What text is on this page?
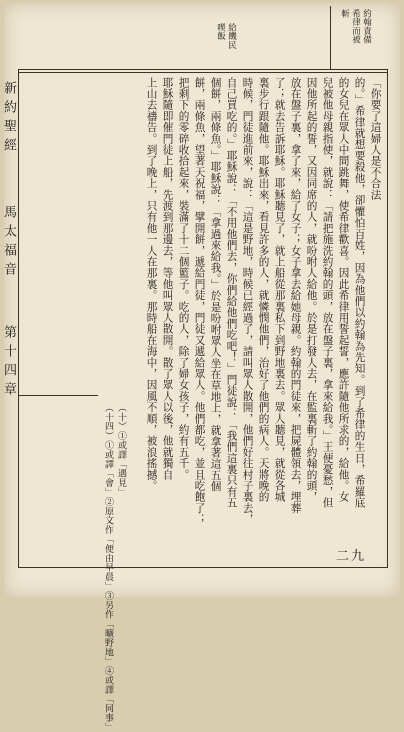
約翰責備
希律而被
斬
給饑民
喫飯
「你要了這婦人是不合法
的。」希律就想要殺他，卻懼怕百姓，因為他們以約翰為先知。到了希律的生日，希羅底
的女兒在眾人中間跳舞，使希律歡喜。因此希律用誓起誓，應許隨他所求的，給他。女
兒被他母親指使，就說：「請把施洗約翰的頭，放在盤子裏，拿來給我。」王便憂愁，但
因他所起的誓，又因同席的人，就吩咐人給他。於是打發人去，在監裏斬了約翰的頭，
放在盤子裏，拿了來，給了女子；女子拿去給她母親。約翰的門徒來，把屍體領去，埋葬
了；就去告訴耶穌。耶穌聽見了，就上船從那裏私下到野地裏去。眾人聽見，就從各城
裏步行跟隨他。耶穌出來，看見許多的人，就憐憫他們，治好了他們的病人。天將晚的
時候，門徒進前來，說：「這是野地，時候已經過了，請叫眾人散開，他們好往村子裏去，
自己買吃的。」耶穌說：「不用他們去，你們給他們吃吧！」門徒說：「我們這裏只有五
個餅，兩條魚。」耶穌說：「拿過來給我。」於是吩咐眾人坐在草地上，就拿著這五個
餅，兩條魚，望著天祝福，擘開餅，遞給門徒，門徒又遞給眾人。他們都吃，並且吃飽了；
把剩下的零碎收拾起來，裝滿了十二個籃子。吃的人，除了婦女孩子，約有五千。
耶穌隨即催門徒上船，先渡到那邊去，等他叫眾人散開。散了眾人以後，他就獨自
上山去禱告。到了晚上，只有他一人在那裏。那時船在海中，因風不順，被浪搖撼。
（十）①或譯「遇見」
（十四）①或譯「會」②原文作「便由早晨」③另作「曠野地」④或譯「同事」
新約聖經
馬太福音
第十四章
二九
